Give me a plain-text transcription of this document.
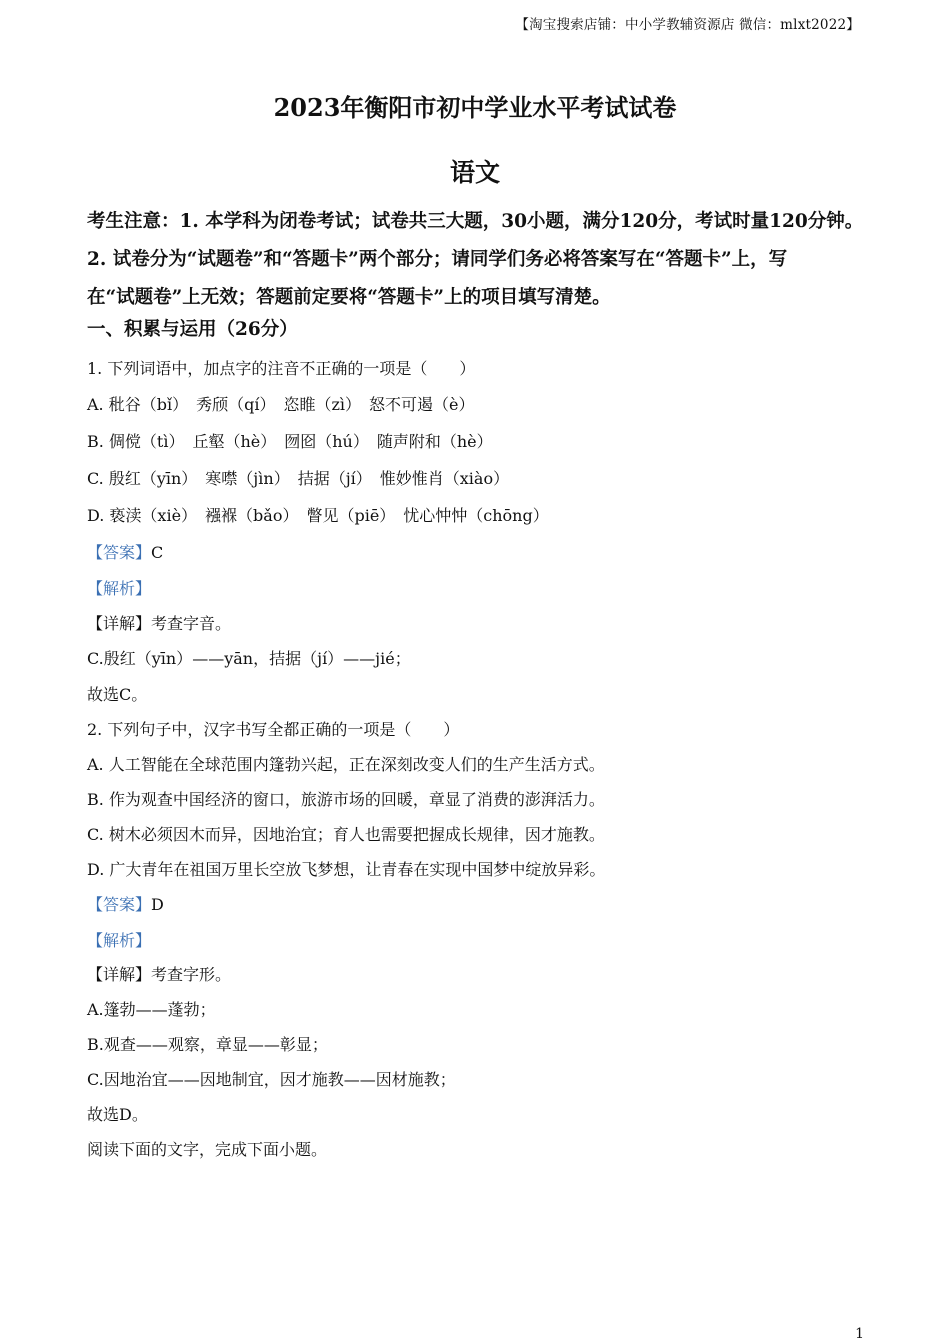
【淘宝搜索店铺：中小学教辅资源店 微信：mlxt2022】
2023年衡阳市初中学业水平考试试卷
语文
考生注意：1. 本学科为闭卷考试；试卷共三大题，30小题，满分120分，考试时量120分钟。
2. 试卷分为“试题卷”和“答题卡”两个部分；请同学们务必将答案写在“答题卡”上，写
在“试题卷”上无效；答题前定要将“答题卡”上的项目填写清楚。
一、积累与运用（26分）
1. 下列词语中，加点字的注音不正确的一项是（　　）
A. 秕谷（bǐ）　秀颀（qí）　恣睢（zì）　怒不可遏（è）
B. 倜傥（tì）　丘壑（hè）　囫囵（hú）　随声附和（hè）
C. 殷红（yīn）　寒噤（jìn）　拮据（jí）　惟妙惟肖（xiào）
D. 亵渎（xiè）　襁褓（bǎo）　瞥见（piē）　忧心忡忡（chōng）
【答案】C
【解析】
【详解】考查字音。
C.殷红（yīn）——yān，拮据（jí）——jié；
故选C。
2. 下列句子中，汉字书写全都正确的一项是（　　）
A. 人工智能在全球范围内篷勃兴起，正在深刻改变人们的生产生活方式。
B. 作为观查中国经济的窗口，旅游市场的回暖，章显了消费的澎湃活力。
C. 树木必须因木而异，因地治宜；育人也需要把握成长规律，因才施教。
D. 广大青年在祖国万里长空放飞梦想，让青春在实现中国梦中绽放异彩。
【答案】D
【解析】
【详解】考查字形。
A.篷勃——蓬勃；
B.观查——观察，章显——彰显；
C.因地治宜——因地制宜，因才施教——因材施教；
故选D。
阅读下面的文字，完成下面小题。
1
